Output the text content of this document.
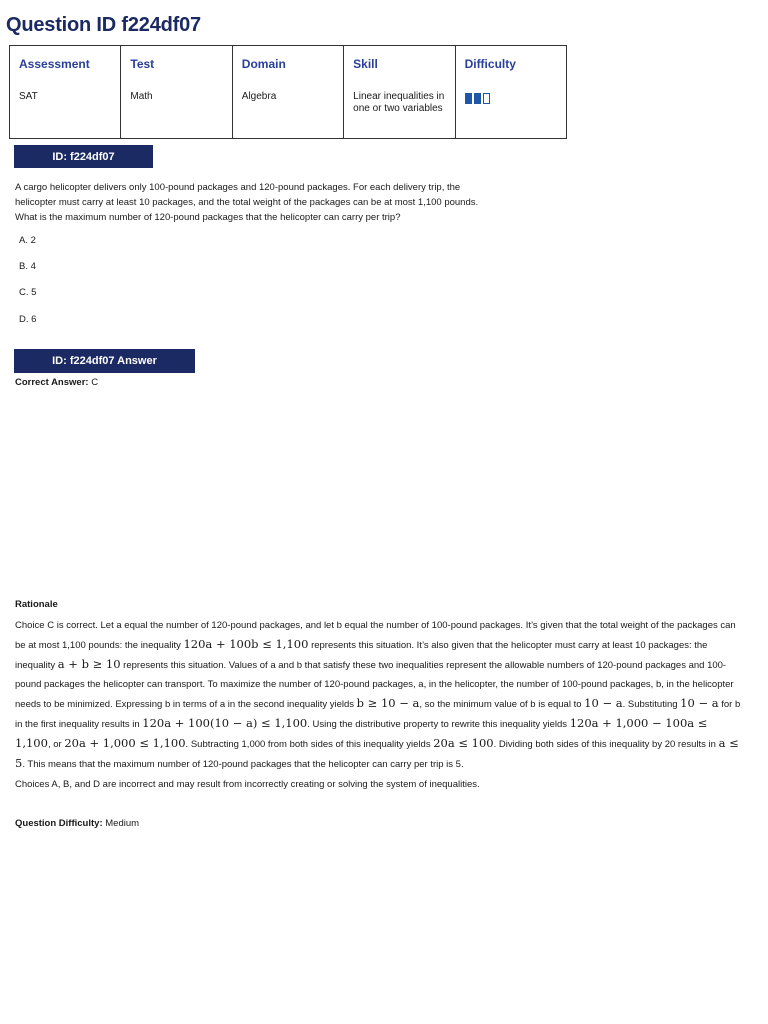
Question ID f224df07
Assessment	Test	Domain	Skill	Difficulty
SAT	Math	Algebra	Linear inequalities in one or two variables	
ID: f224df07
A cargo helicopter delivers only 100-pound packages and 120-pound packages. For each delivery trip, the helicopter must carry at least 10 packages, and the total weight of the packages can be at most 1,100 pounds. What is the maximum number of 120-pound packages that the helicopter can carry per trip?
A. 2
B. 4
C. 5
D. 6
ID: f224df07 Answer
Correct Answer: C
Rationale
Choice C is correct. Let a equal the number of 120-pound packages, and let b equal the number of 100-pound packages. It’s given that the total weight of the packages can be at most 1,100 pounds: the inequality 120a + 100b ≤ 1,100 represents this situation. It’s also given that the helicopter must carry at least 10 packages: the inequality a + b ≥ 10 represents this situation. Values of a and b that satisfy these two inequalities represent the allowable numbers of 120-pound packages and 100-pound packages the helicopter can transport. To maximize the number of 120-pound packages, a, in the helicopter, the number of 100-pound packages, b, in the helicopter needs to be minimized. Expressing b in terms of a in the second inequality yields b ≥ 10 − a, so the minimum value of b is equal to 10 − a. Substituting 10 − a for b in the first inequality results in 120a + 100(10 − a) ≤ 1,100. Using the distributive property to rewrite this inequality yields 120a + 1,000 − 100a ≤ 1,100, or 20a + 1,000 ≤ 1,100. Subtracting 1,000 from both sides of this inequality yields 20a ≤ 100. Dividing both sides of this inequality by 20 results in a ≤ 5. This means that the maximum number of 120-pound packages that the helicopter can carry per trip is 5.
Choices A, B, and D are incorrect and may result from incorrectly creating or solving the system of inequalities.
Question Difficulty: Medium
